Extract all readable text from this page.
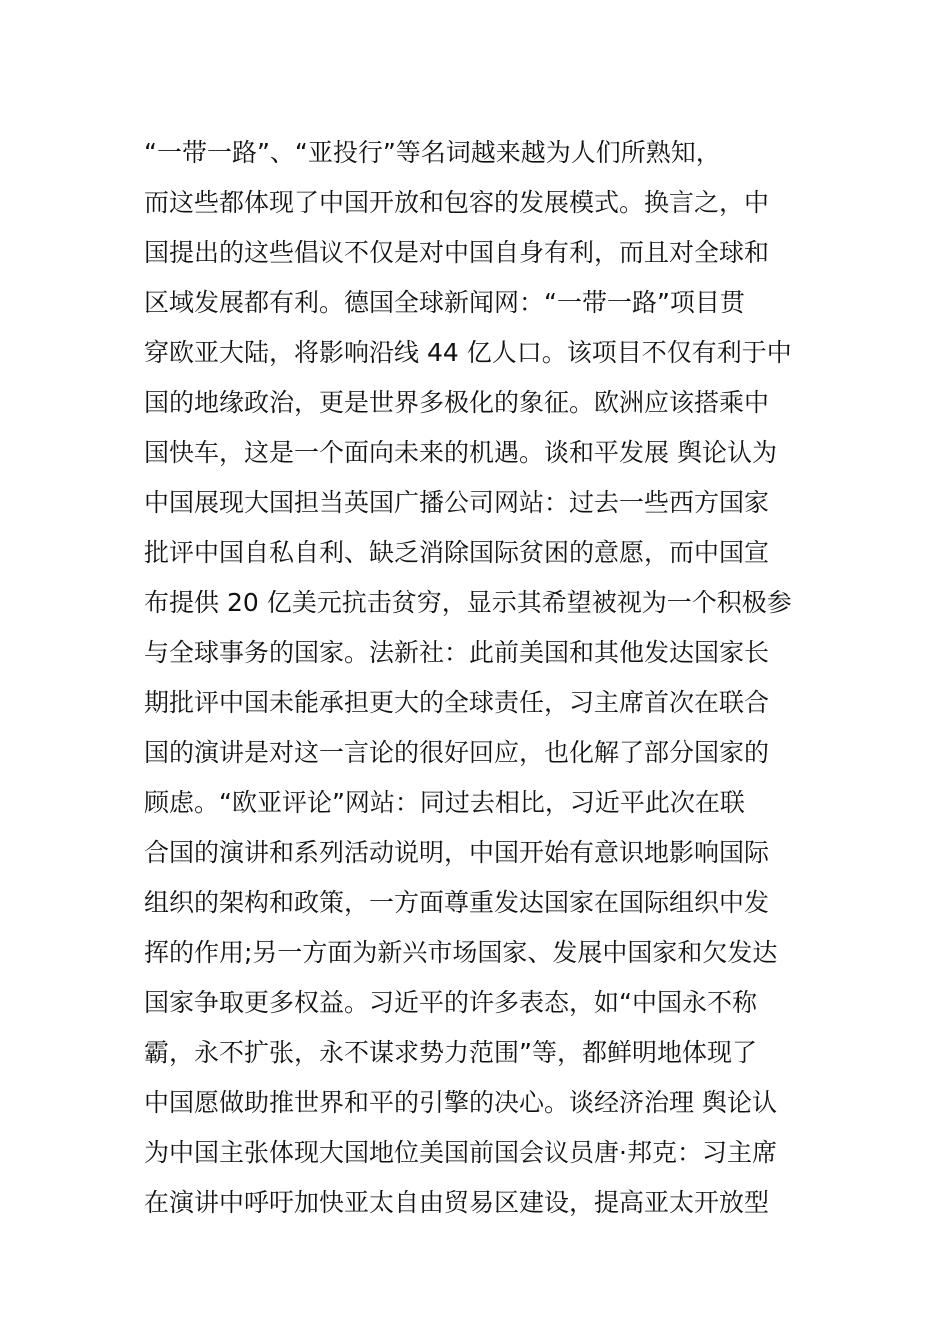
“一带一路”、“亚投行”等名词越来越为人们所熟知，
而这些都体现了中国开放和包容的发展模式。换言之，中
国提出的这些倡议不仅是对中国自身有利，而且对全球和
区域发展都有利。德国全球新闻网：“一带一路”项目贯
穿欧亚大陆，将影响沿线 44 亿人口。该项目不仅有利于中
国的地缘政治，更是世界多极化的象征。欧洲应该搭乘中
国快车，这是一个面向未来的机遇。谈和平发展 舆论认为
中国展现大国担当英国广播公司网站：过去一些西方国家
批评中国自私自利、缺乏消除国际贫困的意愿，而中国宣
布提供 20 亿美元抗击贫穷，显示其希望被视为一个积极参
与全球事务的国家。法新社：此前美国和其他发达国家长
期批评中国未能承担更大的全球责任，习主席首次在联合
国的演讲是对这一言论的很好回应，也化解了部分国家的
顾虑。“欧亚评论”网站：同过去相比，习近平此次在联
合国的演讲和系列活动说明，中国开始有意识地影响国际
组织的架构和政策，一方面尊重发达国家在国际组织中发
挥的作用;另一方面为新兴市场国家、发展中国家和欠发达
国家争取更多权益。习近平的许多表态，如“中国永不称
霸，永不扩张，永不谋求势力范围”等，都鲜明地体现了
中国愿做助推世界和平的引擎的决心。谈经济治理 舆论认
为中国主张体现大国地位美国前国会议员唐·邦克：习主席
在演讲中呼吁加快亚太自由贸易区建设，提高亚太开放型
